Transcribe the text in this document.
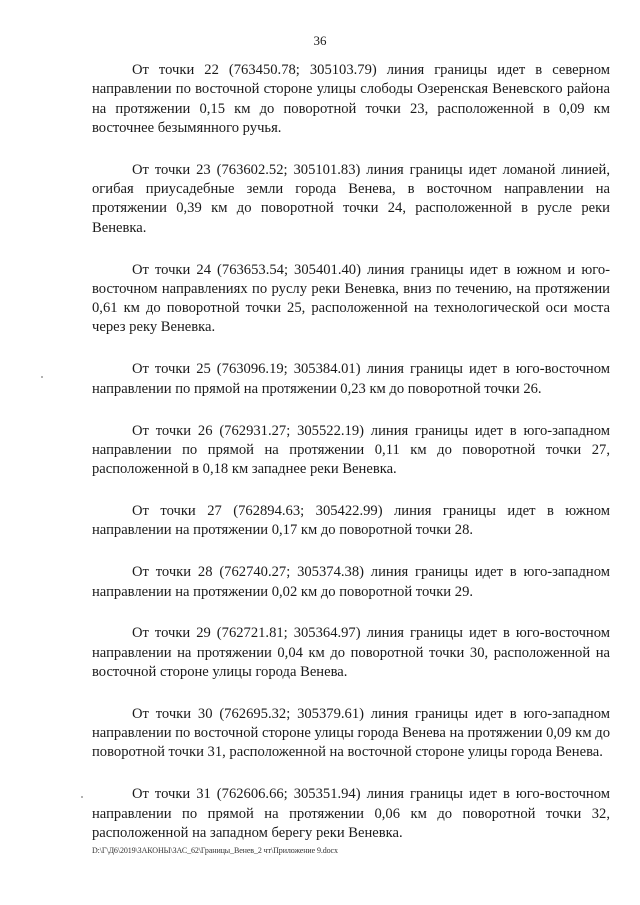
36

От точки 22 (763450.78; 305103.79) линия границы идет в северном направлении по восточной стороне улицы слободы Озеренская Веневского района на протяжении 0,15 км до поворотной точки 23, расположенной в 0,09 км восточнее безымянного ручья.

От точки 23 (763602.52; 305101.83) линия границы идет ломаной линией, огибая приусадебные земли города Венева, в восточном направлении на протяжении 0,39 км до поворотной точки 24, расположенной в русле реки Веневка.

От точки 24 (763653.54; 305401.40) линия границы идет в южном и юго-восточном направлениях по руслу реки Веневка, вниз по течению, на протяжении 0,61 км до поворотной точки 25, расположенной на технологической оси моста через реку Веневка.

От точки 25 (763096.19; 305384.01) линия границы идет в юго-восточном направлении по прямой на протяжении 0,23 км до поворотной точки 26.

От точки 26 (762931.27; 305522.19) линия границы идет в юго-западном направлении по прямой на протяжении 0,11 км до поворотной точки 27, расположенной в 0,18 км западнее реки Веневка.

От точки 27 (762894.63; 305422.99) линия границы идет в южном направлении на протяжении 0,17 км до поворотной точки 28.

От точки 28 (762740.27; 305374.38) линия границы идет в юго-западном направлении на протяжении 0,02 км до поворотной точки 29.

От точки 29 (762721.81; 305364.97) линия границы идет в юго-восточном направлении на протяжении 0,04 км до поворотной точки 30, расположенной на восточной стороне улицы города Венева.

От точки 30 (762695.32; 305379.61) линия границы идет в юго-западном направлении по восточной стороне улицы города Венева на протяжении 0,09 км до поворотной точки 31, расположенной на восточной стороне улицы города Венева.

От точки 31 (762606.66; 305351.94) линия границы идет в юго-восточном направлении по прямой на протяжении 0,06 км до поворотной точки 32, расположенной на западном берегу реки Веневка.

D:\Г\Д6\2019\ЗАКОНЫ\ЗАС_62\Границы_Венев_2 чт\Приложение 9.docx
